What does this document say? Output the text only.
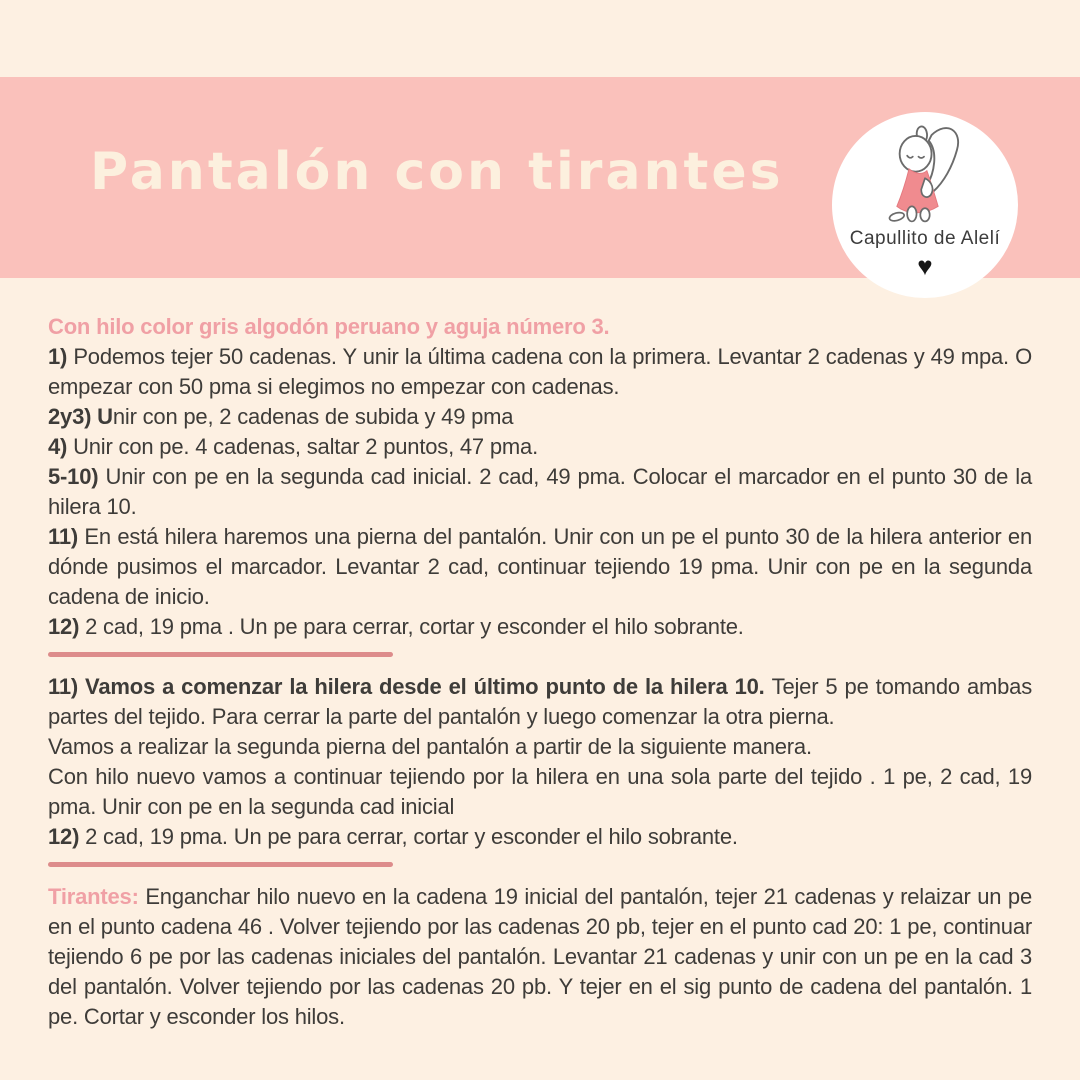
Pantalón con tirantes
Capullito de Alelí
♥

Con hilo color gris algodón peruano y aguja número 3.

1) Podemos tejer 50 cadenas. Y unir la última cadena con la primera. Levantar 2 cadenas y 49 mpa. O empezar con 50 pma si elegimos no empezar con cadenas.

2y3) Unir con pe, 2 cadenas de subida y 49 pma

4) Unir con pe. 4 cadenas, saltar 2 puntos, 47 pma.

5-10) Unir con pe en la segunda cad inicial. 2 cad, 49 pma. Colocar el marcador en el punto 30 de la hilera 10.

11) En está hilera haremos una pierna del pantalón. Unir con un pe el punto 30 de la hilera anterior en dónde pusimos el marcador. Levantar 2 cad, continuar tejiendo 19 pma. Unir con pe en la segunda cadena de inicio.

12) 2 cad, 19 pma . Un pe para cerrar, cortar y esconder el hilo sobrante.

11) Vamos a comenzar la hilera desde el último punto de la hilera 10. Tejer 5 pe tomando ambas partes del tejido. Para cerrar la parte del pantalón y luego comenzar la otra pierna.

Vamos a realizar la segunda pierna del pantalón a partir de la siguiente manera.

Con hilo nuevo vamos a continuar tejiendo por la hilera en una sola parte del tejido . 1 pe, 2 cad, 19 pma. Unir con pe en la segunda cad inicial

12) 2 cad, 19 pma. Un pe para cerrar, cortar y esconder el hilo sobrante.

Tirantes: Enganchar hilo nuevo en la cadena 19 inicial del pantalón, tejer 21 cadenas y relaizar un pe en el punto cadena 46 . Volver tejiendo por las cadenas 20 pb, tejer en el punto cad 20: 1 pe, continuar tejiendo 6 pe por las cadenas iniciales del pantalón. Levantar 21 cadenas y unir con un pe en la cad 3 del pantalón. Volver tejiendo por las cadenas 20 pb. Y tejer en el sig punto de cadena del pantalón. 1 pe. Cortar y esconder los hilos.
